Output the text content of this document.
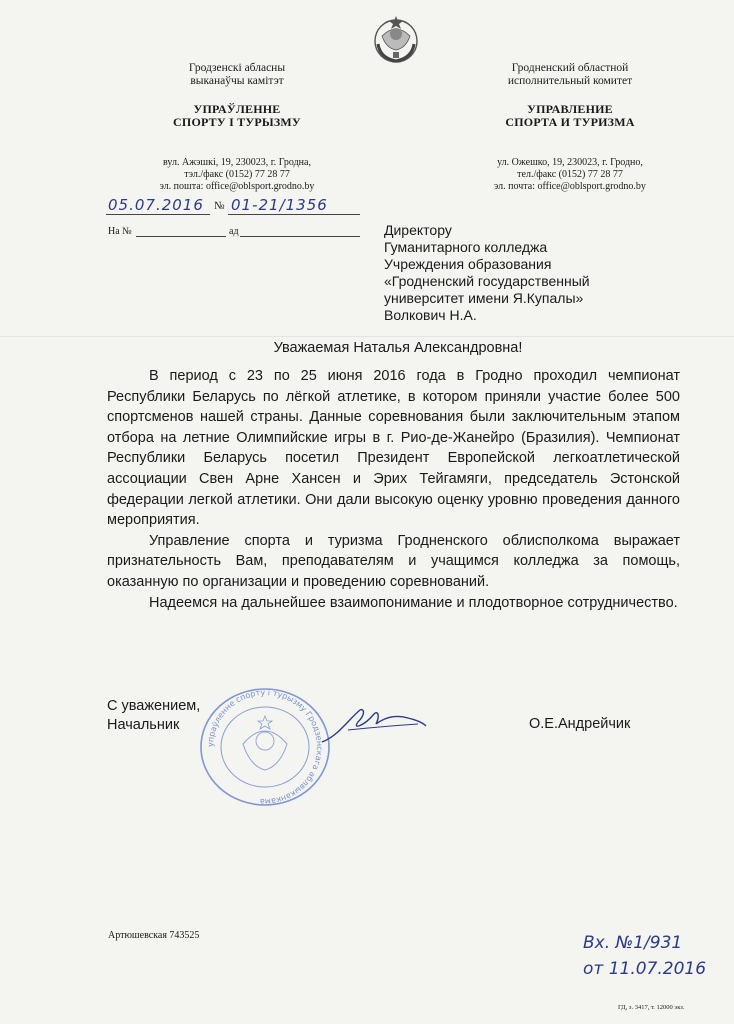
Гродзенскі абласны
выканаўчы камітэт
УПРАЎЛЕННЕ
СПОРТУ І ТУРЫЗМУ
вул. Ажэшкі, 19, 230023, г. Гродна,
тэл./факс (0152) 77 28 77
эл. пошта: office@oblsport.grodno.by
Гродненский областной
исполнительный комитет
УПРАВЛЕНИЕ
СПОРТА И ТУРИЗМА
ул. Ожешко, 19, 230023, г. Гродно,
тел./факс (0152) 77 28 77
эл. почта: office@oblsport.grodno.by
05.07.2016 № 01-21/1356
На №	ад	Директору
Гуманитарного колледжа
Учреждения образования
«Гродненский государственный
университет имени Я.Купалы»
Волкович Н.А.
Уважаемая Наталья Александровна!

В период с 23 по 25 июня 2016 года в Гродно проходил чемпионат Республики Беларусь по лёгкой атлетике, в котором приняли участие более 500 спортсменов нашей страны. Данные соревнования были заключительным этапом отбора на летние Олимпийские игры в г. Рио-де-Жанейро (Бразилия). Чемпионат Республики Беларусь посетил Президент Европейской легкоатлетической ассоциации Свен Арне Хансен и Эрих Тейгамяги, председатель Эстонской федерации легкой атлетики. Они дали высокую оценку уровню проведения данного мероприятия.

Управление спорта и туризма Гродненского облисполкома выражает признательность Вам, преподавателям и учащимся колледжа за помощь, оказанную по организации и проведению соревнований.

Надеемся на дальнейшее взаимопонимание и плодотворное сотрудничество.

упраўленне спорту і турызму Гродзенскага аблвыканкама
С уважением,
Начальник	О.Е.Андрейчик
Артюшевская 743525	Вх. №1/931
от 11.07.2016
ГД, з. 3417, т. 12000 экз.
